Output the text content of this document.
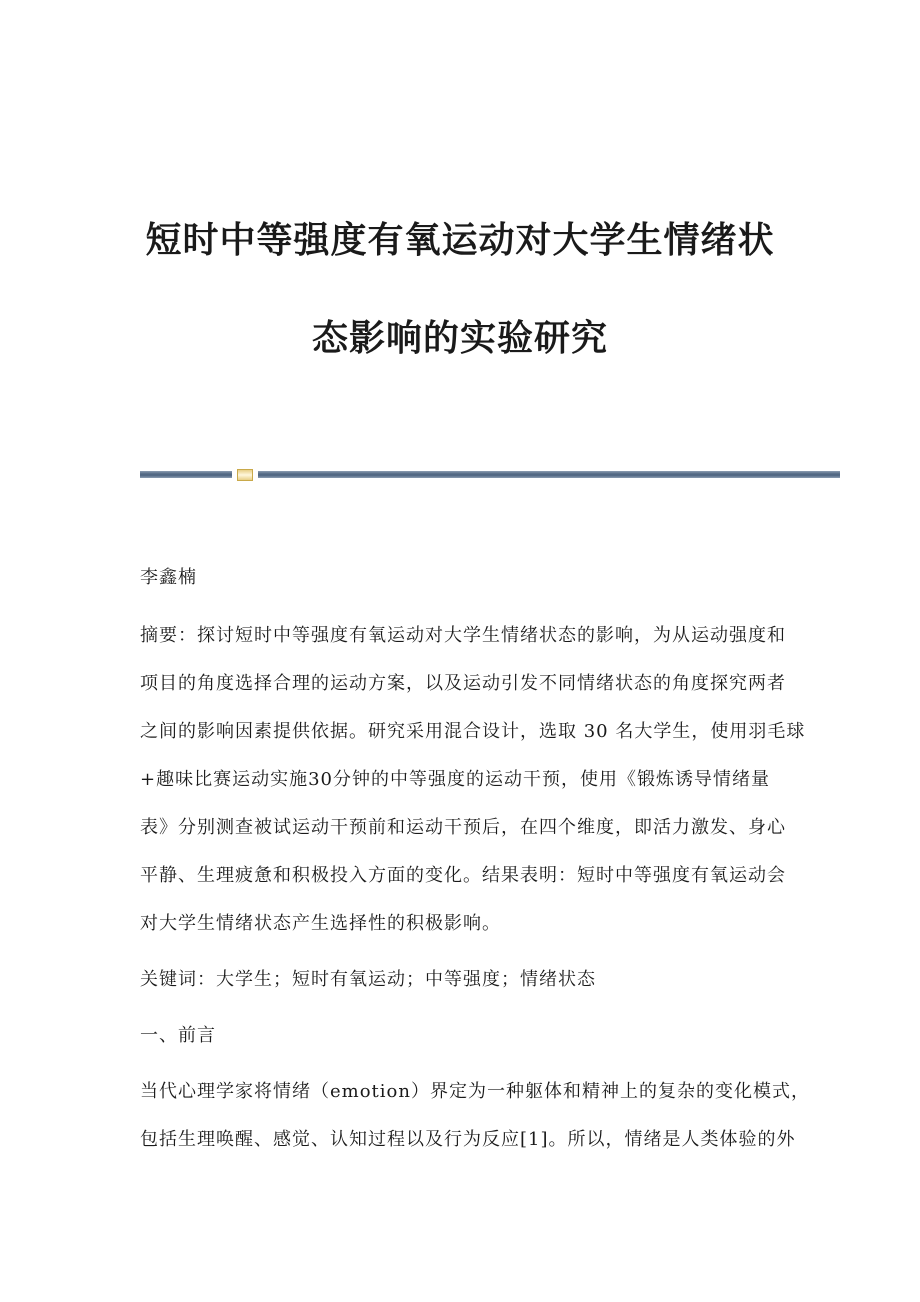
短时中等强度有氧运动对大学生情绪状
态影响的实验研究
李鑫楠
摘要：探讨短时中等强度有氧运动对大学生情绪状态的影响，为从运动强度和
项目的角度选择合理的运动方案，以及运动引发不同情绪状态的角度探究两者
之间的影响因素提供依据。研究采用混合设计，选取 30 名大学生，使用羽毛球
+趣味比赛运动实施30分钟的中等强度的运动干预，使用《锻炼诱导情绪量
表》分别测查被试运动干预前和运动干预后，在四个维度，即活力激发、身心
平静、生理疲惫和积极投入方面的变化。结果表明：短时中等强度有氧运动会
对大学生情绪状态产生选择性的积极影响。
关键词：大学生；短时有氧运动；中等强度；情绪状态
一、前言
当代心理学家将情绪（emotion）界定为一种躯体和精神上的复杂的变化模式，
包括生理唤醒、感觉、认知过程以及行为反应[1]。所以，情绪是人类体验的外
